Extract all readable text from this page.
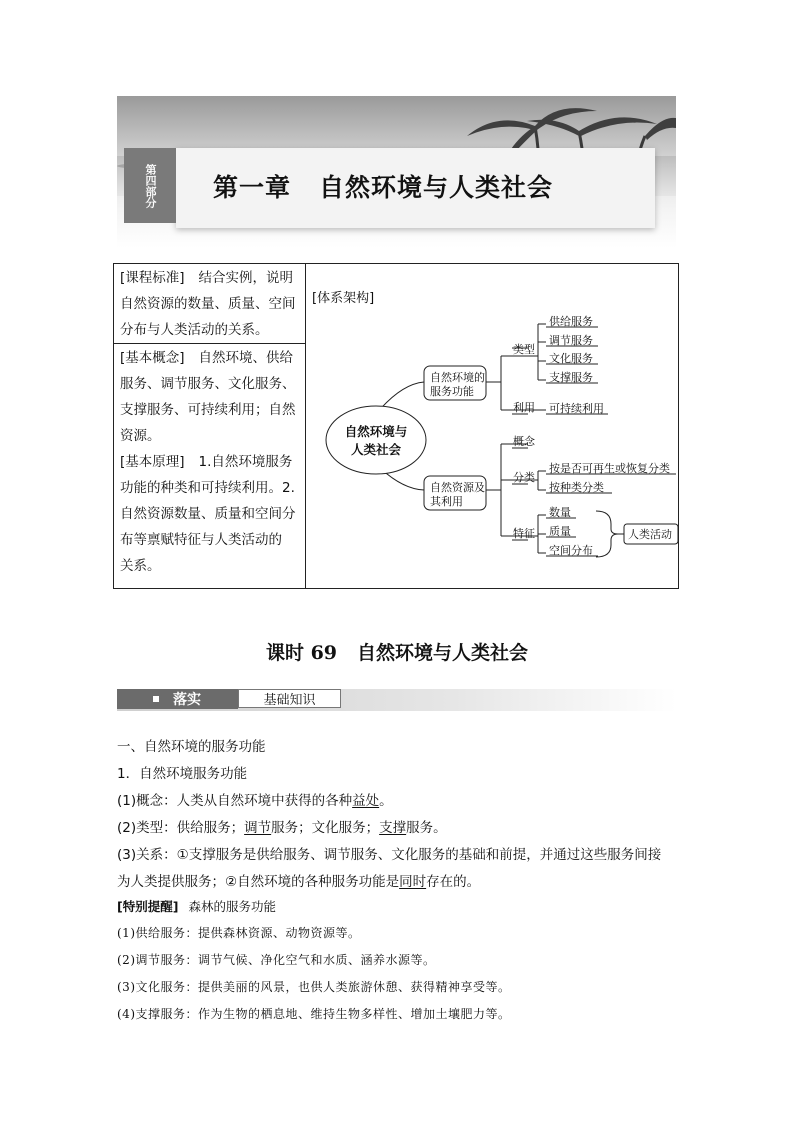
第四部分 第一章 自然环境与人类社会
[课程标准] 结合实例，说明
自然资源的数量、质量、空间
分布与人类活动的关系。
[基本概念] 自然环境、供给
服务、调节服务、文化服务、
支撑服务、可持续利用；自然
资源。
[基本原理] 1.自然环境服务
功能的种类和可持续利用。2.
自然资源数量、质量和空间分
布等禀赋特征与人类活动的
关系。
[体系架构]
自然环境与
人类社会
自然环境的
服务功能
自然资源及
其利用
类型
供给服务
调节服务
文化服务
支撑服务
利用 可持续利用
概念
分类
按是否可再生或恢复分类
按种类分类
特征
数量
质量
空间分布
人类活动
课时 69 自然环境与人类社会
落实	基础知识
一、自然环境的服务功能
1．自然环境服务功能
(1)概念：人类从自然环境中获得的各种益处。
(2)类型：供给服务；调节服务；文化服务；支撑服务。
(3)关系：①支撑服务是供给服务、调节服务、文化服务的基础和前提，并通过这些服务间接
为人类提供服务；②自然环境的各种服务功能是同时存在的。
[特别提醒] 森林的服务功能
(1)供给服务：提供森林资源、动物资源等。
(2)调节服务：调节气候、净化空气和水质、涵养水源等。
(3)文化服务：提供美丽的风景，也供人类旅游休憩、获得精神享受等。
(4)支撑服务：作为生物的栖息地、维持生物多样性、增加土壤肥力等。
